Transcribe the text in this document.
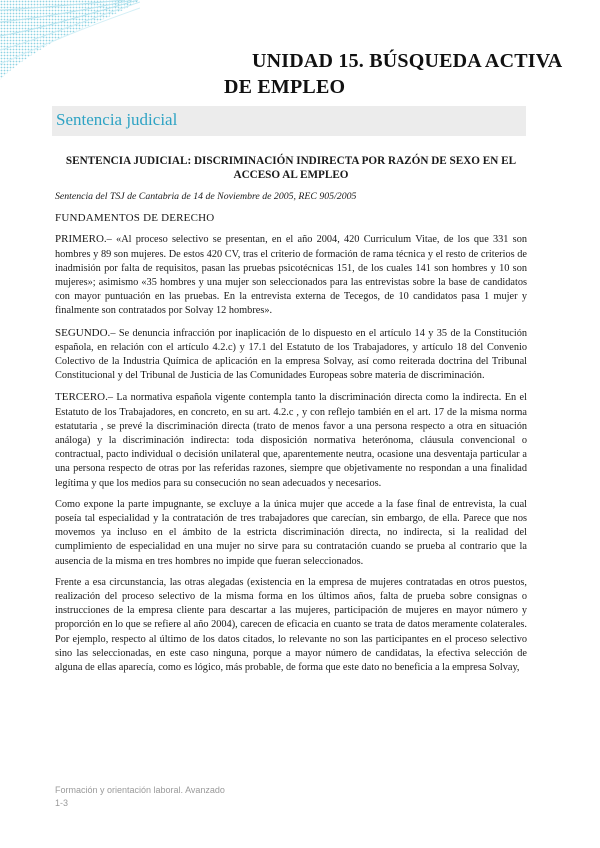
UNIDAD 15. BÚSQUEDA ACTIVA
DE EMPLEO
Sentencia judicial
SENTENCIA JUDICIAL: DISCRIMINACIÓN INDIRECTA POR RAZÓN DE SEXO EN EL ACCESO AL EMPLEO
Sentencia del TSJ de Cantabria de 14 de Noviembre de 2005, REC 905/2005
FUNDAMENTOS DE DERECHO

PRIMERO.– «Al proceso selectivo se presentan, en el año 2004, 420 Curriculum Vitae, de los que 331 son hombres y 89 son mujeres. De estos 420 CV, tras el criterio de formación de rama técnica y el resto de criterios de inadmisión por falta de requisitos, pasan las pruebas psicotécnicas 151, de los cuales 141 son hombres y 10 son mujeres»; asimismo «35 hombres y una mujer son seleccionados para las entrevistas sobre la base de candidatos con mayor puntuación en las pruebas. En la entrevista externa de Tecegos, de 10 candidatos pasa 1 mujer y finalmente son contratados por Solvay 12 hombres».

SEGUNDO.– Se denuncia infracción por inaplicación de lo dispuesto en el artículo 14 y 35 de la Constitución española, en relación con el artículo 4.2.c) y 17.1 del Estatuto de los Trabajadores, y artículo 18 del Convenio Colectivo de la Industria Química de aplicación en la empresa Solvay, así como reiterada doctrina del Tribunal Constitucional y del Tribunal de Justicia de las Comunidades Europeas sobre materia de discriminación.

TERCERO.– La normativa española vigente contempla tanto la discriminación directa como la indirecta. En el Estatuto de los Trabajadores, en concreto, en su art. 4.2.c , y con reflejo también en el art. 17 de la misma norma estatutaria , se prevé la discriminación directa (trato de menos favor a una persona respecto a otra en situación análoga) y la discriminación indirecta: toda disposición normativa heterónoma, cláusula convencional o contractual, pacto individual o decisión unilateral que, aparentemente neutra, ocasione una desventaja particular a una persona respecto de otras por las referidas razones, siempre que objetivamente no respondan a una finalidad legítima y que los medios para su consecución no sean adecuados y necesarios.

Como expone la parte impugnante, se excluye a la única mujer que accede a la fase final de entrevista, la cual poseía tal especialidad y la contratación de tres trabajadores que carecían, sin embargo, de ella. Parece que nos movemos ya incluso en el ámbito de la estricta discriminación directa, no indirecta, si la realidad del cumplimiento de especialidad en una mujer no sirve para su contratación cuando se prueba al contrario que la ausencia de la misma en tres hombres no impide que fueran seleccionados.

Frente a esa circunstancia, las otras alegadas (existencia en la empresa de mujeres contratadas en otros puestos, realización del proceso selectivo de la misma forma en los últimos años, falta de prueba sobre consignas o instrucciones de la empresa cliente para descartar a las mujeres, participación de mujeres en mayor número y proporción en lo que se refiere al año 2004), carecen de eficacia en cuanto se trata de datos meramente colaterales. Por ejemplo, respecto al último de los datos citados, lo relevante no son las participantes en el proceso selectivo sino las seleccionadas, en este caso ninguna, porque a mayor número de candidatas, la efectiva selección de alguna de ellas aparecía, como es lógico, más probable, de forma que este dato no beneficia a la empresa Solvay,

Formación y orientación laboral. Avanzado
1-3
